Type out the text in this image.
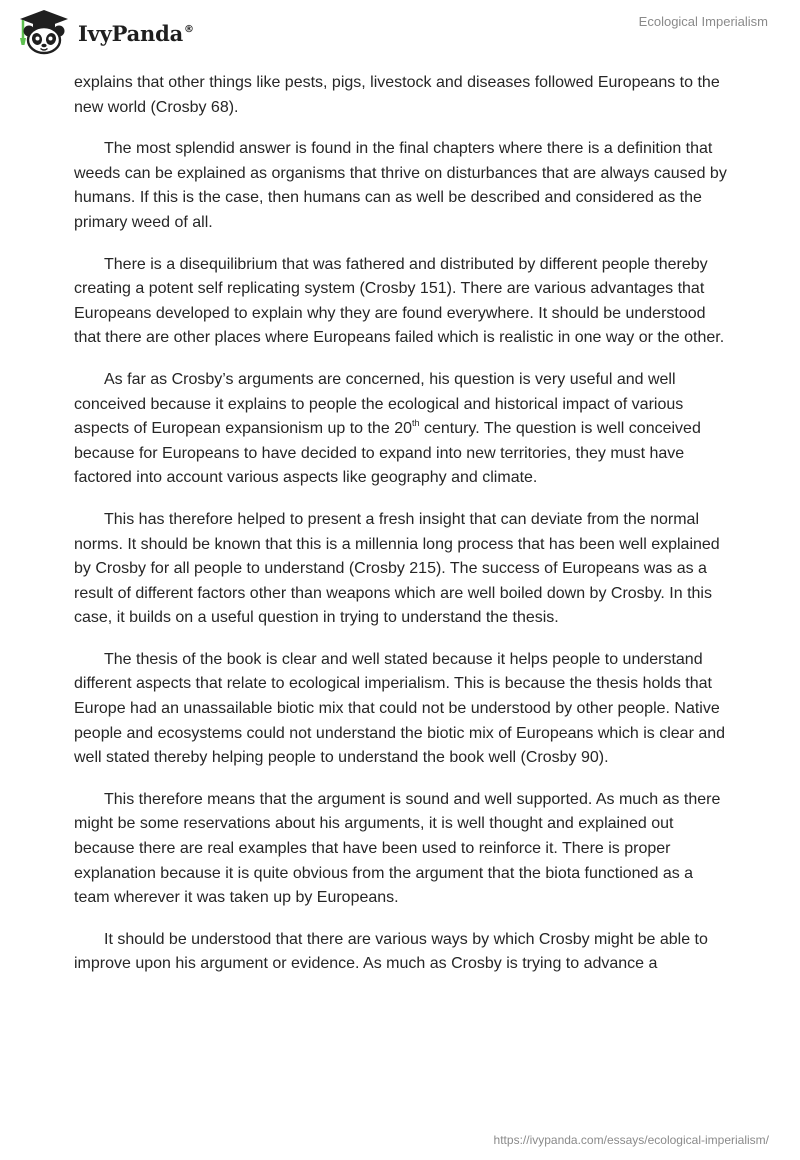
IvyPanda®	Ecological Imperialism

explains that other things like pests, pigs, livestock and diseases followed Europeans to the new world (Crosby 68).

The most splendid answer is found in the final chapters where there is a definition that weeds can be explained as organisms that thrive on disturbances that are always caused by humans. If this is the case, then humans can as well be described and considered as the primary weed of all.

There is a disequilibrium that was fathered and distributed by different people thereby creating a potent self replicating system (Crosby 151). There are various advantages that Europeans developed to explain why they are found everywhere. It should be understood that there are other places where Europeans failed which is realistic in one way or the other.

As far as Crosby’s arguments are concerned, his question is very useful and well conceived because it explains to people the ecological and historical impact of various aspects of European expansionism up to the 20th century. The question is well conceived because for Europeans to have decided to expand into new territories, they must have factored into account various aspects like geography and climate.

This has therefore helped to present a fresh insight that can deviate from the normal norms. It should be known that this is a millennia long process that has been well explained by Crosby for all people to understand (Crosby 215). The success of Europeans was as a result of different factors other than weapons which are well boiled down by Crosby. In this case, it builds on a useful question in trying to understand the thesis.

The thesis of the book is clear and well stated because it helps people to understand different aspects that relate to ecological imperialism. This is because the thesis holds that Europe had an unassailable biotic mix that could not be understood by other people. Native people and ecosystems could not understand the biotic mix of Europeans which is clear and well stated thereby helping people to understand the book well (Crosby 90).

This therefore means that the argument is sound and well supported. As much as there might be some reservations about his arguments, it is well thought and explained out because there are real examples that have been used to reinforce it. There is proper explanation because it is quite obvious from the argument that the biota functioned as a team wherever it was taken up by Europeans.

It should be understood that there are various ways by which Crosby might be able to improve upon his argument or evidence. As much as Crosby is trying to advance a

https://ivypanda.com/essays/ecological-imperialism/
